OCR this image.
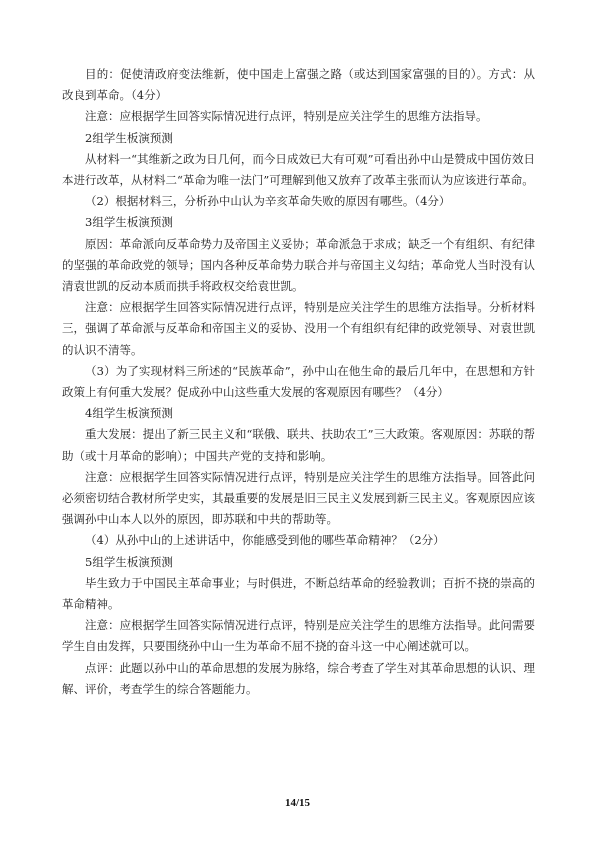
目的：促使清政府变法维新，使中国走上富强之路（或达到国家富强的目的）。方式：从改良到革命。（4分）

注意：应根据学生回答实际情况进行点评，特别是应关注学生的思维方法指导。

2组学生板演预测

从材料一“其维新之政为日几何，而今日成效已大有可观”可看出孙中山是赞成中国仿效日本进行改革，从材料二“革命为唯一法门”可理解到他又放弃了改革主张而认为应该进行革命。

（2）根据材料三，分析孙中山认为辛亥革命失败的原因有哪些。（4分）

3组学生板演预测

原因：革命派向反革命势力及帝国主义妥协；革命派急于求成；缺乏一个有组织、有纪律的坚强的革命政党的领导；国内各种反革命势力联合并与帝国主义勾结；革命党人当时没有认清袁世凯的反动本质而拱手将政权交给袁世凯。

注意：应根据学生回答实际情况进行点评，特别是应关注学生的思维方法指导。分析材料三，强调了革命派与反革命和帝国主义的妥协、没用一个有组织有纪律的政党领导、对袁世凯的认识不清等。

（3）为了实现材料三所述的“民族革命”，孙中山在他生命的最后几年中，在思想和方针政策上有何重大发展？促成孙中山这些重大发展的客观原因有哪些？（4分）

4组学生板演预测

重大发展：提出了新三民主义和“联俄、联共、扶助农工”三大政策。客观原因：苏联的帮助（或十月革命的影响）；中国共产党的支持和影响。

注意：应根据学生回答实际情况进行点评，特别是应关注学生的思维方法指导。回答此问必须密切结合教材所学史实，其最重要的发展是旧三民主义发展到新三民主义。客观原因应该强调孙中山本人以外的原因，即苏联和中共的帮助等。

（4）从孙中山的上述讲话中，你能感受到他的哪些革命精神？（2分）

5组学生板演预测

毕生致力于中国民主革命事业；与时俱进，不断总结革命的经验教训；百折不挠的崇高的革命精神。

注意：应根据学生回答实际情况进行点评，特别是应关注学生的思维方法指导。此问需要学生自由发挥，只要围绕孙中山一生为革命不屈不挠的奋斗这一中心阐述就可以。

点评：此题以孙中山的革命思想的发展为脉络，综合考查了学生对其革命思想的认识、理解、评价，考查学生的综合答题能力。

14/15
